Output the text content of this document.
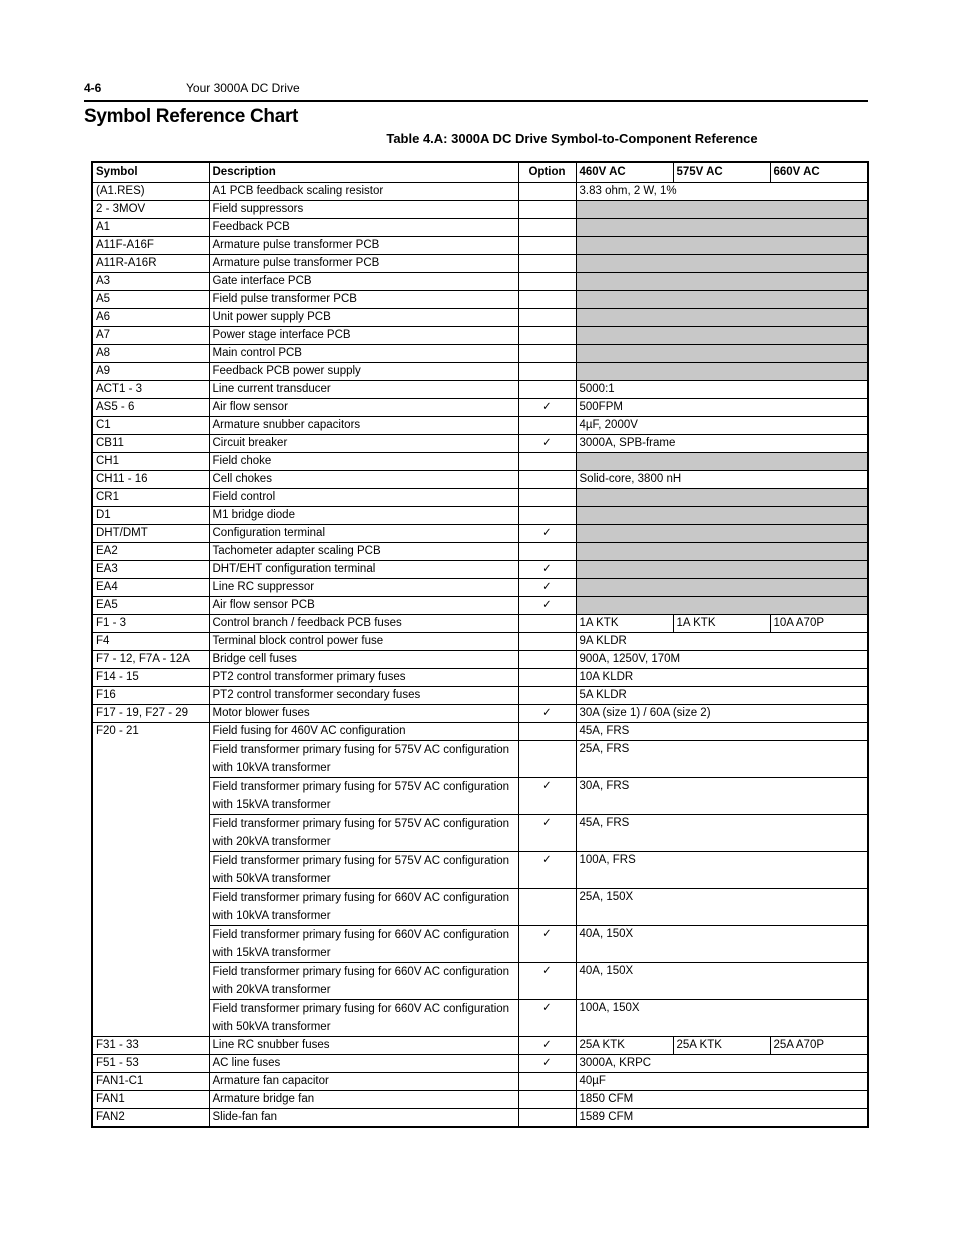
4-6	Your 3000A DC Drive
Symbol Reference Chart
Table 4.A: 3000A DC Drive Symbol-to-Component Reference
Symbol	Description	Option	460V AC	575V AC	660V AC
(A1.RES)	A1 PCB feedback scaling resistor		3.83 ohm, 2 W, 1%		
2 - 3MOV	Field suppressors				
A1	Feedback PCB				
A11F-A16F	Armature pulse transformer PCB				
A11R-A16R	Armature pulse transformer PCB				
A3	Gate interface PCB				
A5	Field pulse transformer PCB				
A6	Unit power supply PCB				
A7	Power stage interface PCB				
A8	Main control PCB				
A9	Feedback PCB power supply				
ACT1 - 3	Line current transducer		5000:1		
AS5 - 6	Air flow sensor	✓	500FPM		
C1	Armature snubber capacitors		4µF, 2000V		
CB11	Circuit breaker	✓	3000A, SPB-frame		
CH1	Field choke				
CH11 - 16	Cell chokes		Solid-core, 3800 nH		
CR1	Field control				
D1	M1 bridge diode				
DHT/DMT	Configuration terminal	✓			
EA2	Tachometer adapter scaling PCB				
EA3	DHT/EHT configuration terminal	✓			
EA4	Line RC suppressor	✓			
EA5	Air flow sensor PCB	✓			
F1 - 3	Control branch / feedback PCB fuses		1A KTK	1A KTK	10A A70P
F4	Terminal block control power fuse		9A KLDR		
F7 - 12, F7A - 12A	Bridge cell fuses		900A, 1250V, 170M		
F14 - 15	PT2 control transformer primary fuses		10A KLDR		
F16	PT2 control transformer secondary fuses		5A KLDR		
F17 - 19, F27 - 29	Motor blower fuses	✓	30A (size 1) / 60A (size 2)		
F20 - 21	Field fusing for 460V AC configuration		45A, FRS		
	Field transformer primary fusing for 575V AC configuration with 10kVA transformer		25A, FRS		
	Field transformer primary fusing for 575V AC configuration with 15kVA transformer	✓	30A, FRS		
	Field transformer primary fusing for 575V AC configuration with 20kVA transformer	✓	45A, FRS		
	Field transformer primary fusing for 575V AC configuration with 50kVA transformer	✓	100A, FRS		
	Field transformer primary fusing for 660V AC configuration with 10kVA transformer		25A, 150X		
	Field transformer primary fusing for 660V AC configuration with 15kVA transformer	✓	40A, 150X		
	Field transformer primary fusing for 660V AC configuration with 20kVA transformer	✓	40A, 150X		
	Field transformer primary fusing for 660V AC configuration with 50kVA transformer	✓	100A, 150X		
F31 - 33	Line RC snubber fuses	✓	25A KTK	25A KTK	25A A70P
F51 - 53	AC line fuses	✓	3000A, KRPC		
FAN1-C1	Armature fan capacitor		40µF		
FAN1	Armature bridge fan		1850 CFM		
FAN2	Slide-fan fan		1589 CFM		
